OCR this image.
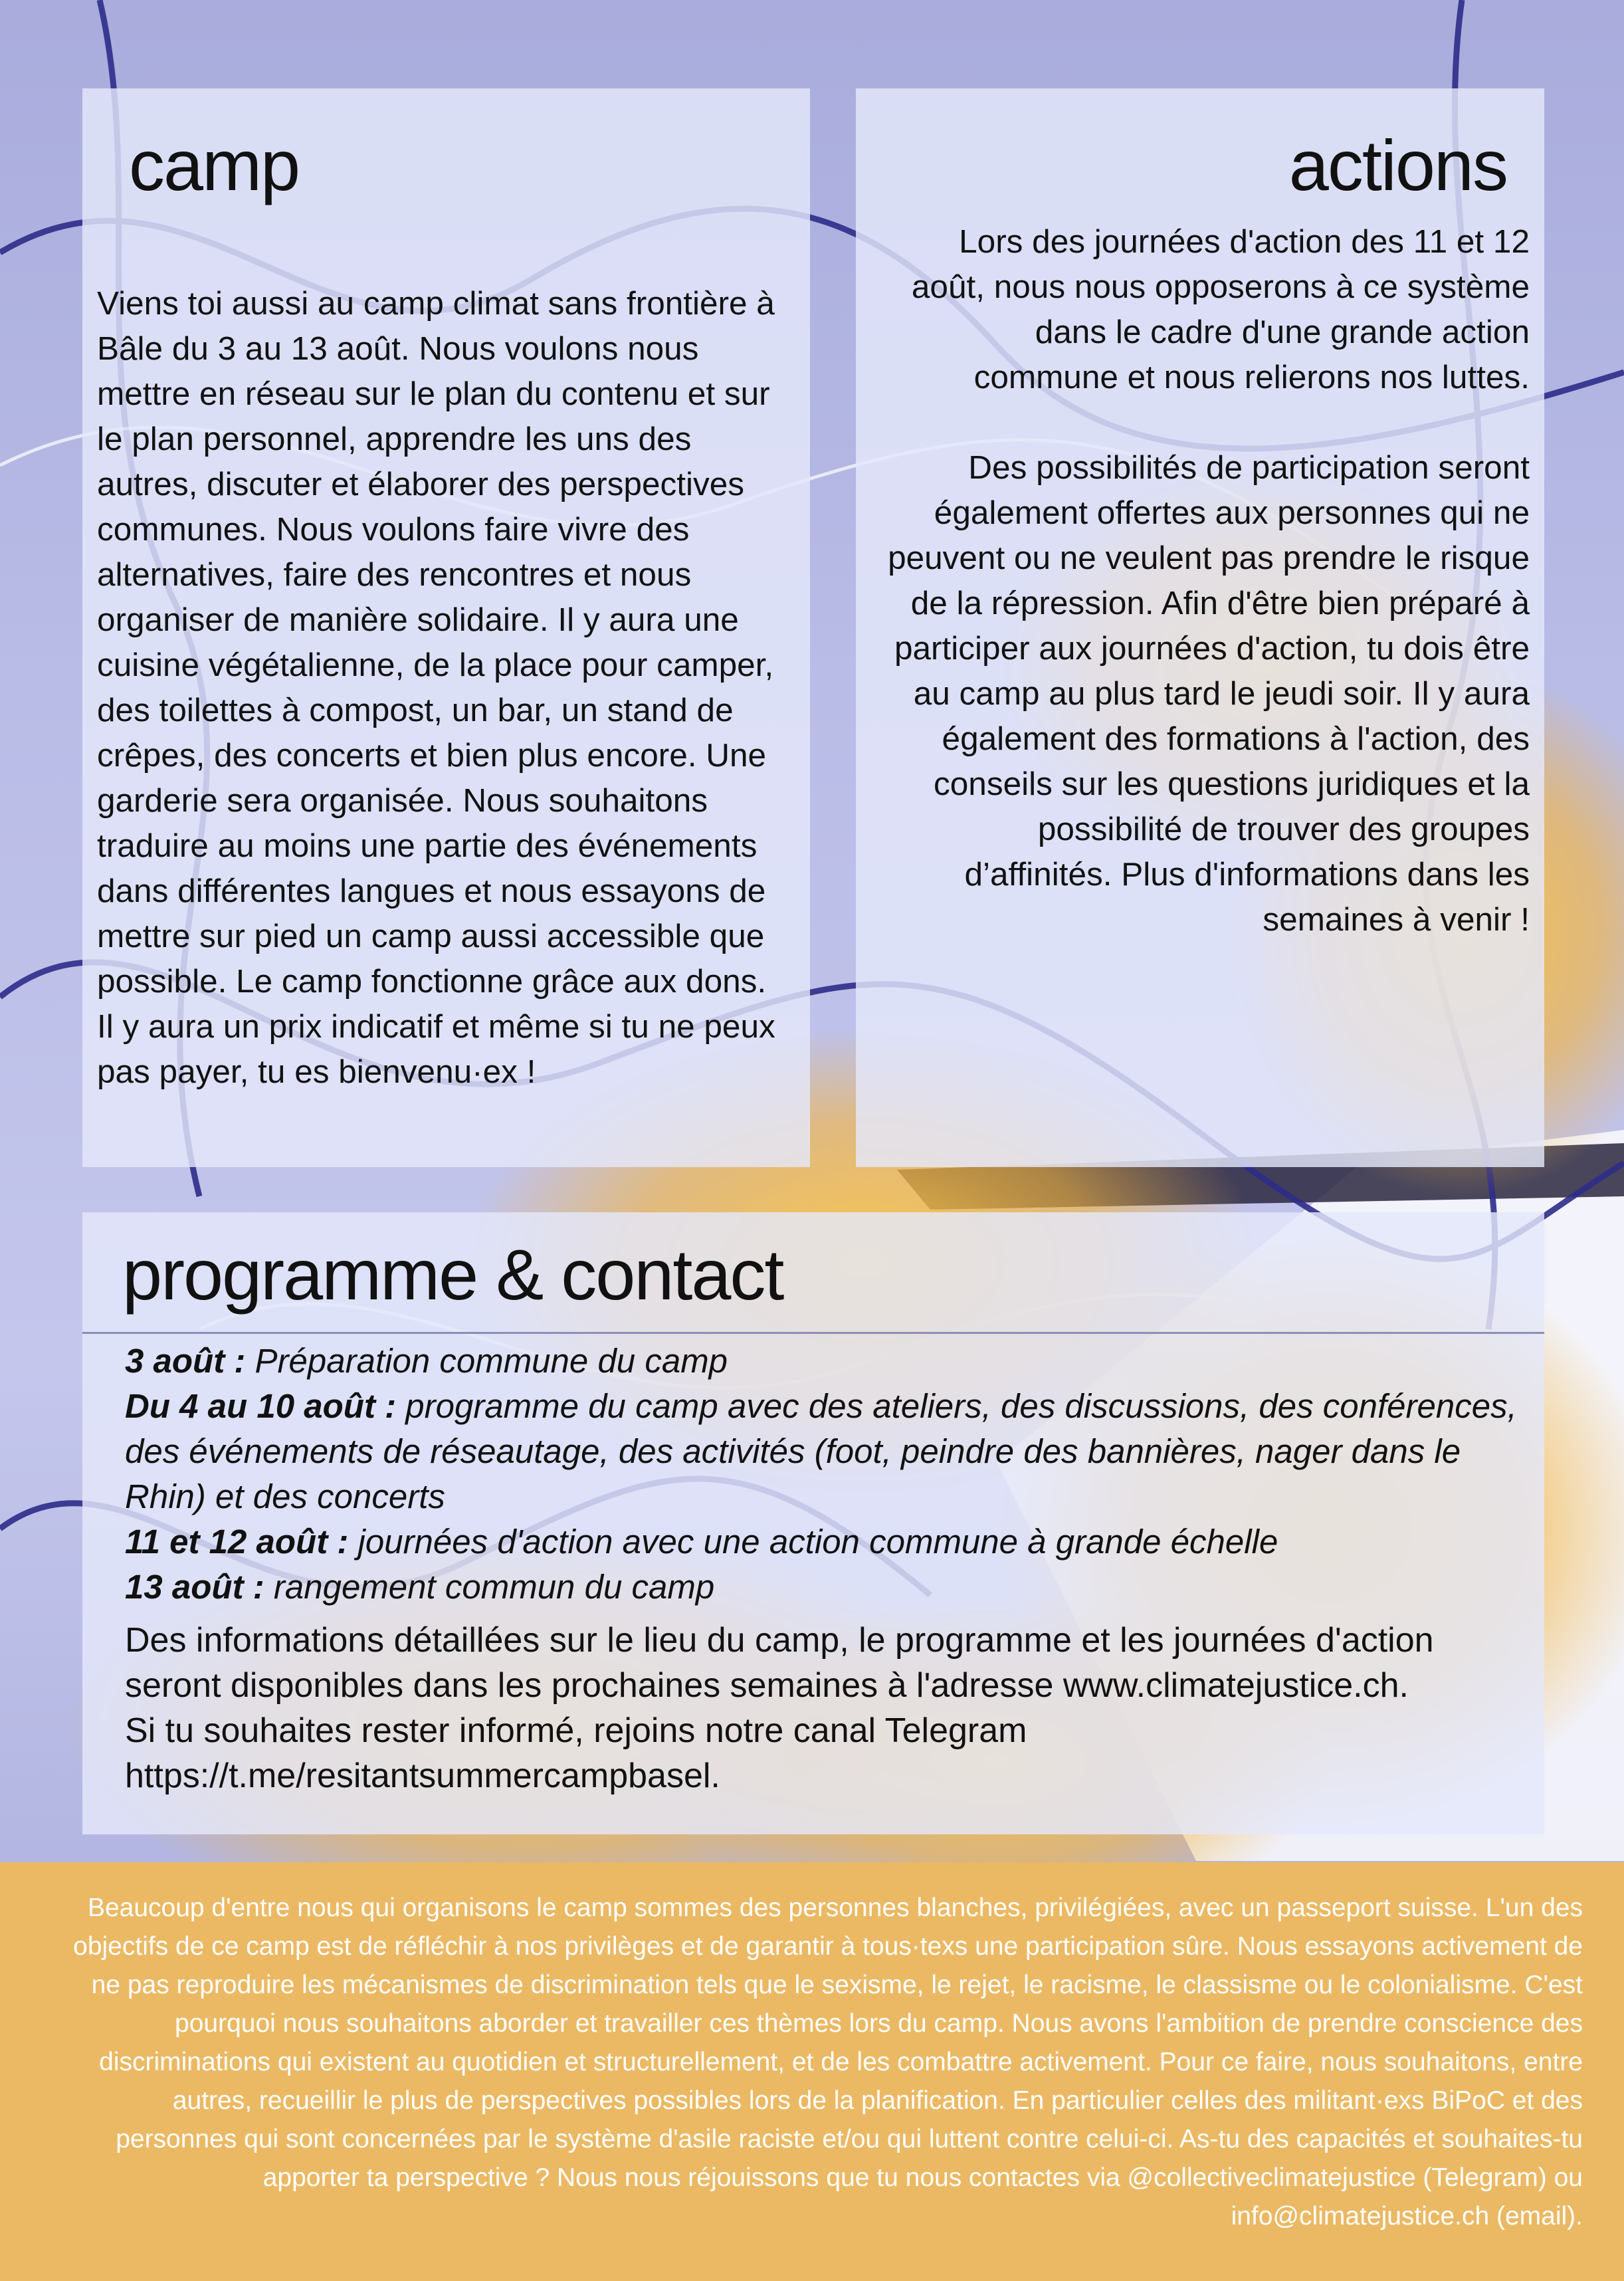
camp

Viens toi aussi au camp climat sans frontière à Bâle du 3 au 13 août. Nous voulons nous mettre en réseau sur le plan du contenu et sur le plan personnel, apprendre les uns des autres, discuter et élaborer des perspectives communes. Nous voulons faire vivre des alternatives, faire des rencontres et nous organiser de manière solidaire. Il y aura une cuisine végétalienne, de la place pour camper, des toilettes à compost, un bar, un stand de crêpes, des concerts et bien plus encore. Une garderie sera organisée. Nous souhaitons traduire au moins une partie des événements dans différentes langues et nous essayons de mettre sur pied un camp aussi accessible que possible. Le camp fonctionne grâce aux dons. Il y aura un prix indicatif et même si tu ne peux pas payer, tu es bienvenu·ex !

actions

Lors des journées d'action des 11 et 12 août, nous nous opposerons à ce système dans le cadre d'une grande action commune et nous relierons nos luttes.

Des possibilités de participation seront également offertes aux personnes qui ne peuvent ou ne veulent pas prendre le risque de la répression. Afin d'être bien préparé à participer aux journées d'action, tu dois être au camp au plus tard le jeudi soir. Il y aura également des formations à l'action, des conseils sur les questions juridiques et la possibilité de trouver des groupes d’affinités. Plus d'informations dans les semaines à venir !

programme & contact

3 août : Préparation commune du camp

Du 4 au 10 août : programme du camp avec des ateliers, des discussions, des conférences, des événements de réseautage, des activités (foot, peindre des bannières, nager dans le Rhin) et des concerts

11 et 12 août : journées d'action avec une action commune à grande échelle

13 août : rangement commun du camp

Des informations détaillées sur le lieu du camp, le programme et les journées d'action seront disponibles dans les prochaines semaines à l'adresse www.climatejustice.ch.

Si tu souhaites rester informé, rejoins notre canal Telegram https://t.me/resitantsummercampbasel.

Beaucoup d'entre nous qui organisons le camp sommes des personnes blanches, privilégiées, avec un passeport suisse. L'un des objectifs de ce camp est de réfléchir à nos privilèges et de garantir à tous·texs une participation sûre. Nous essayons activement de ne pas reproduire les mécanismes de discrimination tels que le sexisme, le rejet, le racisme, le classisme ou le colonialisme. C'est pourquoi nous souhaitons aborder et travailler ces thèmes lors du camp. Nous avons l'ambition de prendre conscience des discriminations qui existent au quotidien et structurellement, et de les combattre activement. Pour ce faire, nous souhaitons, entre autres, recueillir le plus de perspectives possibles lors de la planification. En particulier celles des militant·exs BiPoC et des personnes qui sont concernées par le système d'asile raciste et/ou qui luttent contre celui-ci. As-tu des capacités et souhaites-tu apporter ta perspective ? Nous nous réjouissons que tu nous contactes via @collectiveclimatejustice (Telegram) ou info@climatejustice.ch (email).
